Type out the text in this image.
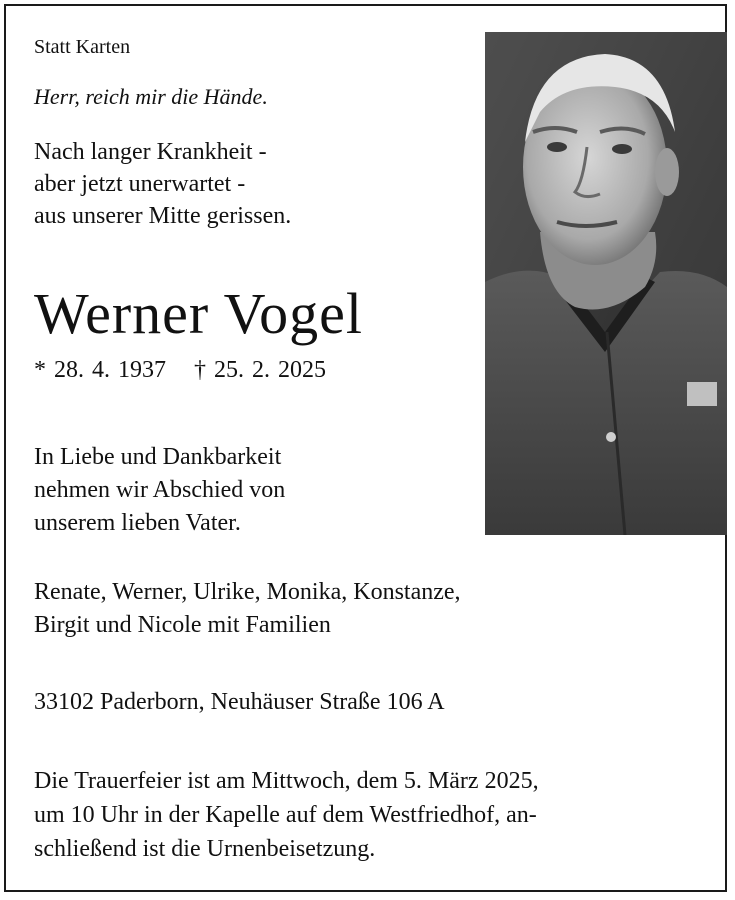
Statt Karten
Herr, reich mir die Hände.
Nach langer Krankheit -
aber jetzt unerwartet -
aus unserer Mitte gerissen.
Werner Vogel
* 28. 4. 1937 † 25. 2. 2025
In Liebe und Dankbarkeit
nehmen wir Abschied von
unserem lieben Vater.
Renate, Werner, Ulrike, Monika, Konstanze,
Birgit und Nicole mit Familien
33102 Paderborn, Neuhäuser Straße 106 A
Die Trauerfeier ist am Mittwoch, dem 5. März 2025,
um 10 Uhr in der Kapelle auf dem Westfriedhof, an-
schließend ist die Urnenbeisetzung.
